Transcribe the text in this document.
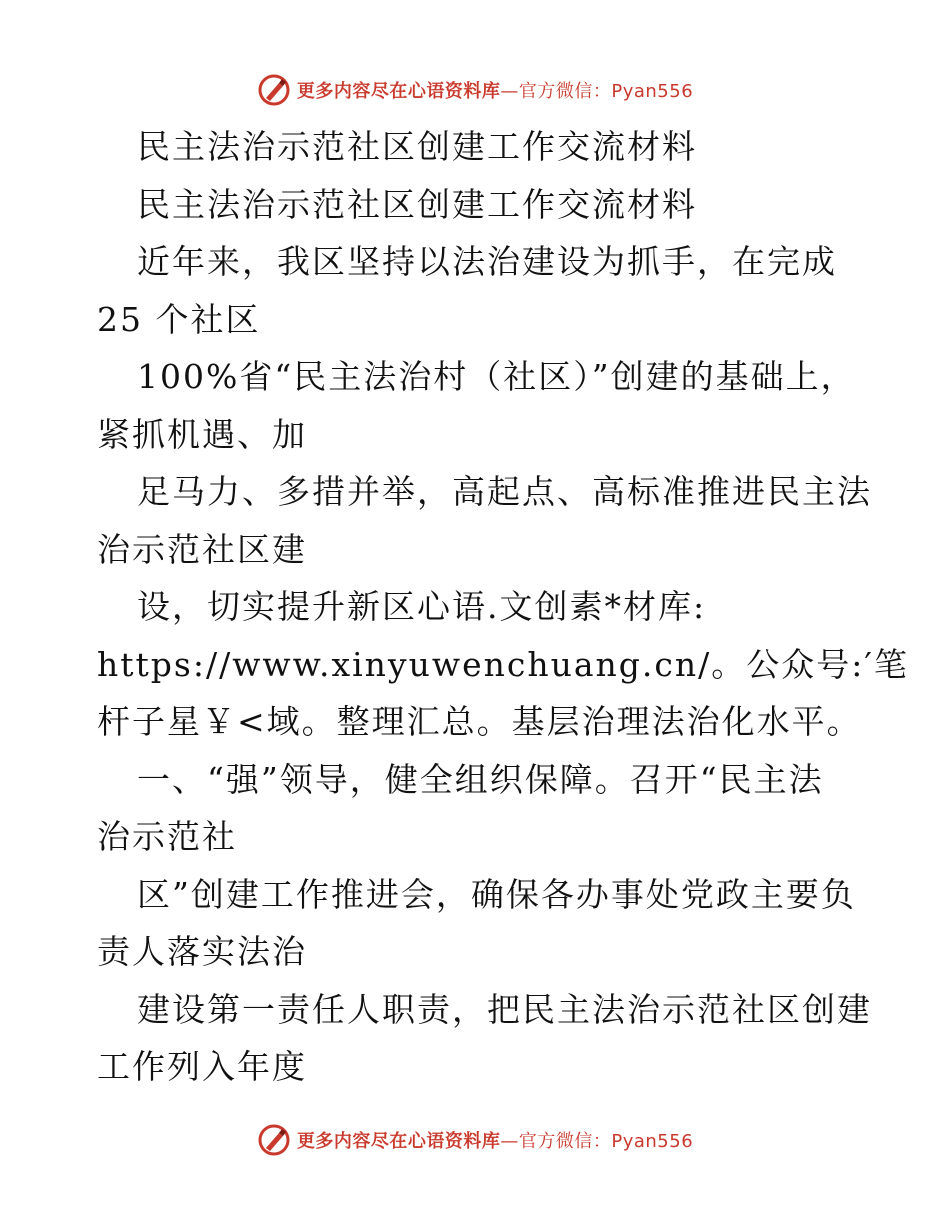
更多内容尽在心语资料库—官方微信：Pyan556
民主法治示范社区创建工作交流材料
民主法治示范社区创建工作交流材料
近年来，我区坚持以法治建设为抓手，在完成
25 个社区
100%省“民主法治村（社区）”创建的基础上，
紧抓机遇、加
足马力、多措并举，高起点、高标准推进民主法
治示范社区建
设，切实提升新区心语.文创素*材库:
https://www.xinyuwenchuang.cn/。公众号:′笔
杆子星￥<域。整理汇总。基层治理法治化水平。
一、“强”领导，健全组织保障。召开“民主法
治示范社
区”创建工作推进会，确保各办事处党政主要负
责人落实法治
建设第一责任人职责，把民主法治示范社区创建
工作列入年度
更多内容尽在心语资料库—官方微信：Pyan556
